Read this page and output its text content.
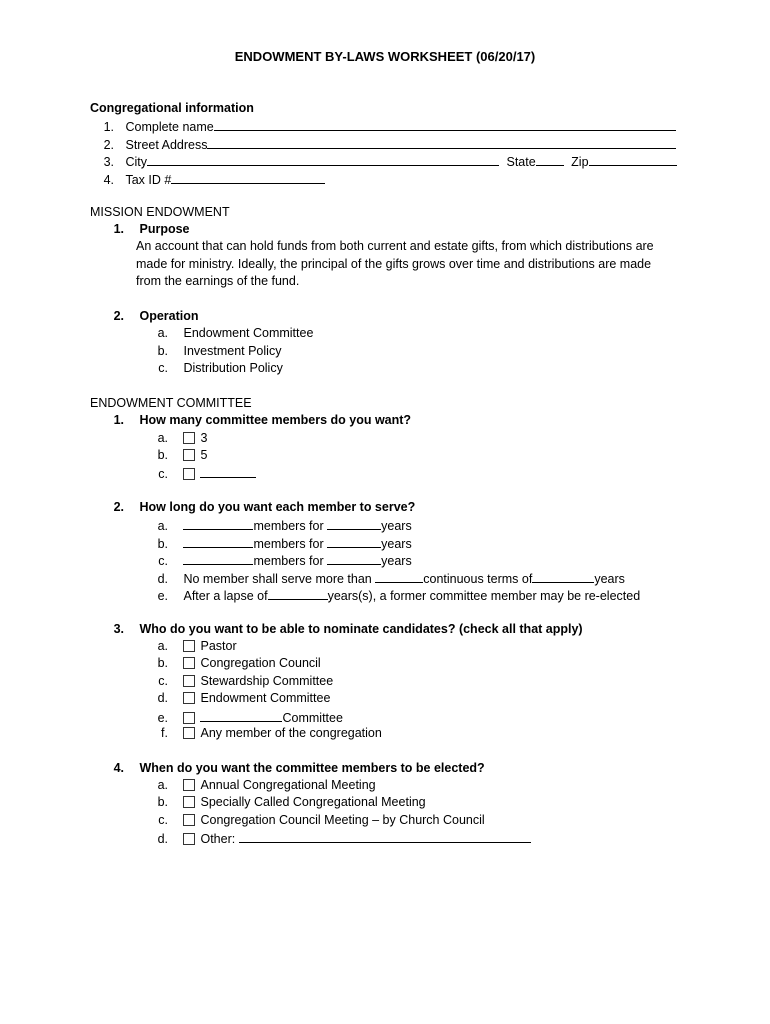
ENDOWMENT BY-LAWS WORKSHEET (06/20/17)
Congregational information
1. Complete name
2. Street Address
3. City	State	Zip
4. Tax ID #
MISSION ENDOWMENT
1. Purpose
An account that can hold funds from both current and estate gifts, from which distributions are made for ministry. Ideally, the principal of the gifts grows over time and distributions are made from the earnings of the fund.
2. Operation
a. Endowment Committee
b. Investment Policy
c. Distribution Policy
ENDOWMENT COMMITTEE
1. How many committee members do you want?
a.	3
b.	5
c.
2. How long do you want each member to serve?
a.	members for	years
b.	members for	years
c.	members for	years
d. No member shall serve more than	continuous terms of	years
e. After a lapse of	years(s), a former committee member may be re-elected
3. Who do you want to be able to nominate candidates? (check all that apply)
a.	Pastor
b.	Congregation Council
c.	Stewardship Committee
d.	Endowment Committee
e.	Committee
f.	Any member of the congregation
4. When do you want the committee members to be elected?
a.	Annual Congregational Meeting
b.	Specially Called Congregational Meeting
c.	Congregation Council Meeting – by Church Council
d.	Other:
